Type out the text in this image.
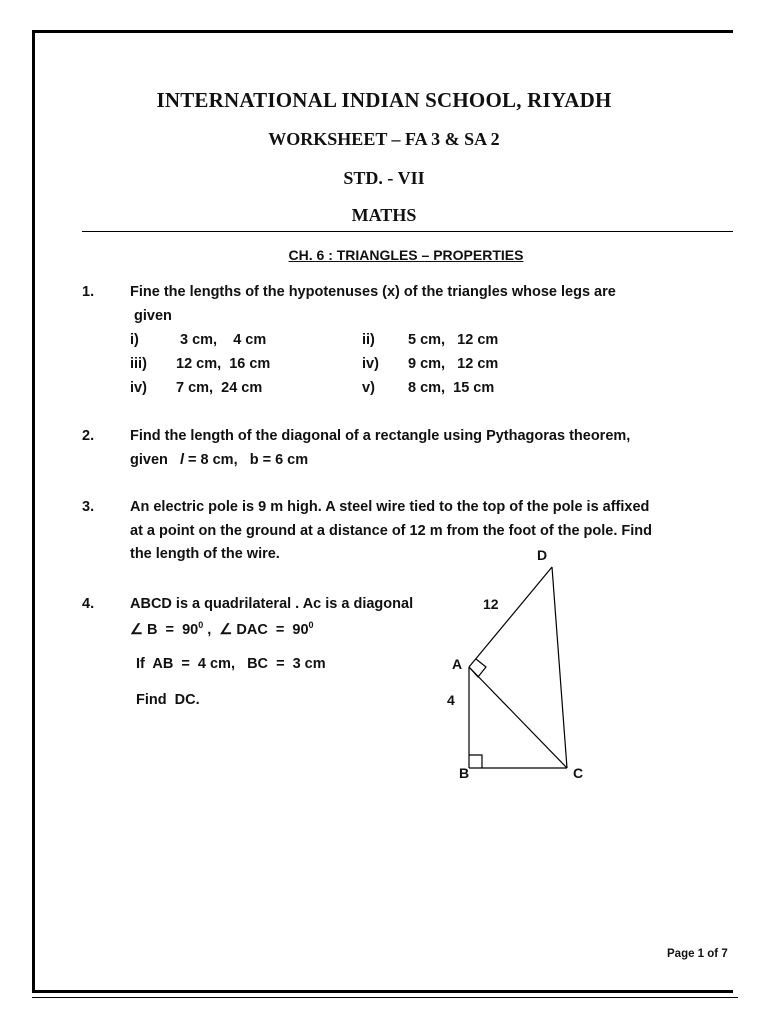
INTERNATIONAL INDIAN SCHOOL, RIYADH
WORKSHEET – FA 3 & SA 2
STD. - VII
MATHS
CH. 6 : TRIANGLES – PROPERTIES
1. Fine the lengths of the hypotenuses (x) of the triangles whose legs are
given
i)	3 cm,    4 cm	ii) 5 cm,   12 cm
iii) 12 cm,  16 cm	iv) 9 cm,   12 cm
iv) 7 cm,  24 cm	v) 8 cm,  15 cm
2. Find the length of the diagonal of a rectangle using Pythagoras theorem,
given l = 8 cm,   b = 6 cm
3. An electric pole is 9 m high. A steel wire tied to the top of the pole is affixed
at a point on the ground at a distance of 12 m from the foot of the pole. Find
the length of the wire.
4. ABCD is a quadrilateral . Ac is a diagonal
∠ $B = 90^0$ ,  ∠ DAC  =  $90^0$
If  AB  =  4 cm,   BC  =  3 cm
Find  DC.
D
12
A
4
B	C
Page 1 of 7
